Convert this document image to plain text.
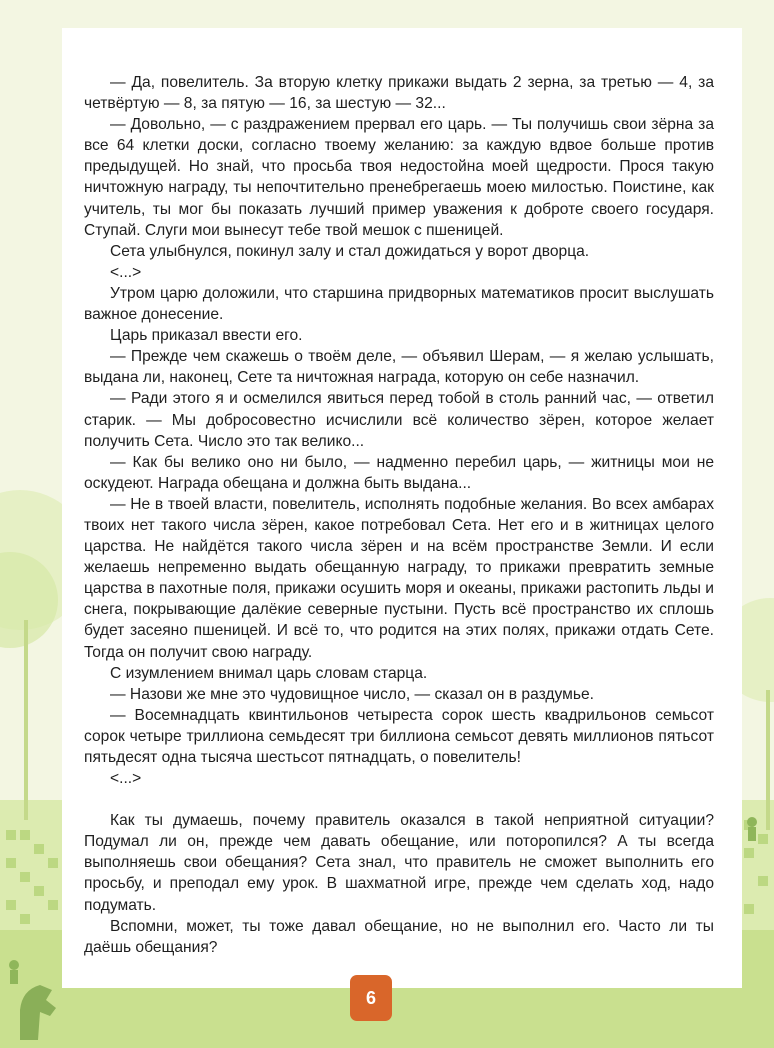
— Да, повелитель. За вторую клетку прикажи выдать 2 зерна, за третью — 4, за четвёртую — 8, за пятую — 16, за шестую — 32...

— Довольно, — с раздражением прервал его царь. — Ты получишь свои зёрна за все 64 клетки доски, согласно твоему желанию: за каждую вдвое больше против предыдущей. Но знай, что просьба твоя недостойна моей щедрости. Прося такую ничтожную награду, ты непочтительно пренебрегаешь моею милостью. Поистине, как учитель, ты мог бы показать лучший пример уважения к доброте своего государя. Ступай. Слуги мои вынесут тебе твой мешок с пшеницей.

Сета улыбнулся, покинул залу и стал дожидаться у ворот дворца.

<...>

Утром царю доложили, что старшина придворных математиков просит выслушать важное донесение.

Царь приказал ввести его.

— Прежде чем скажешь о твоём деле, — объявил Шерам, — я желаю услышать, выдана ли, наконец, Сете та ничтожная награда, которую он себе назначил.

— Ради этого я и осмелился явиться перед тобой в столь ранний час, — ответил старик. — Мы добросовестно исчислили всё количество зёрен, которое желает получить Сета. Число это так велико...

— Как бы велико оно ни было, — надменно перебил царь, — житницы мои не оскудеют. Награда обещана и должна быть выдана...

— Не в твоей власти, повелитель, исполнять подобные желания. Во всех амбарах твоих нет такого числа зёрен, какое потребовал Сета. Нет его и в житницах целого царства. Не найдётся такого числа зёрен и на всём пространстве Земли. И если желаешь непременно выдать обещанную награду, то прикажи превратить земные царства в пахотные поля, прикажи осушить моря и океаны, прикажи растопить льды и снега, покрывающие далёкие северные пустыни. Пусть всё пространство их сплошь будет засеяно пшеницей. И всё то, что родится на этих полях, прикажи отдать Сете. Тогда он получит свою награду.

С изумлением внимал царь словам старца.

— Назови же мне это чудовищное число, — сказал он в раздумье.

— Восемнадцать квинтильонов четыреста сорок шесть квадрильонов семьсот сорок четыре триллиона семьдесят три биллиона семьсот девять миллионов пятьсот пятьдесят одна тысяча шестьсот пятнадцать, о повелитель!

<...>

Как ты думаешь, почему правитель оказался в такой неприятной ситуации? Подумал ли он, прежде чем давать обещание, или поторопился? А ты всегда выполняешь свои обещания? Сета знал, что правитель не сможет выполнить его просьбу, и преподал ему урок. В шахматной игре, прежде чем сделать ход, надо подумать.

Вспомни, может, ты тоже давал обещание, но не выполнил его. Часто ли ты даёшь обещания?

6
